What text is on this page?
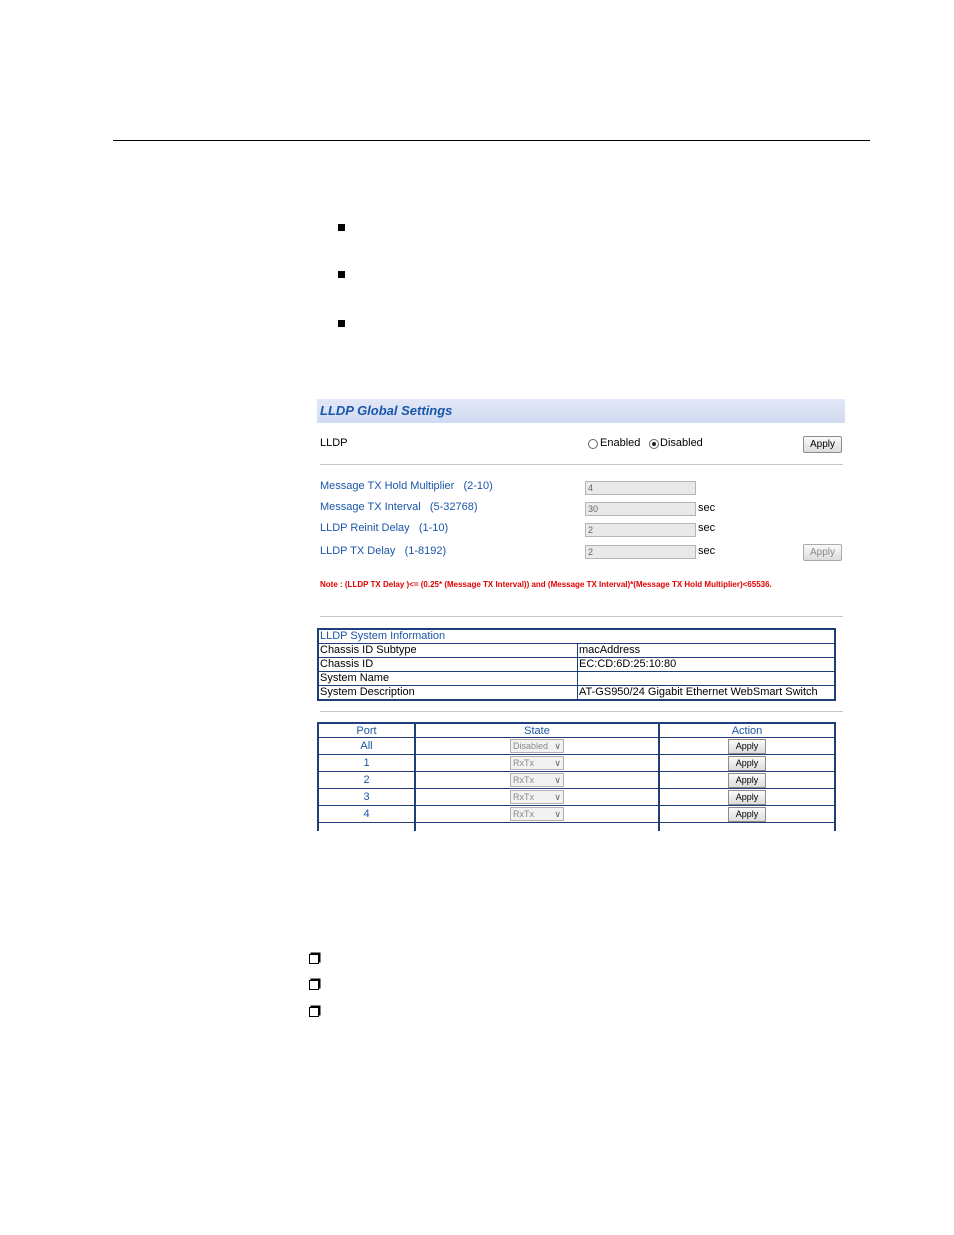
LLDP Global Settings
LLDP	Enabled Disabled	Apply
Message TX Hold Multiplier (2-10)	4
Message TX Interval (5-32768)	30	sec
LLDP Reinit Delay (1-10)	2	sec
LLDP TX Delay (1-8192)	2	sec	Apply
Note : (LLDP TX Delay )<= (0.25* (Message TX Interval)) and (Message TX Interval)*(Message TX Hold Multiplier)<65536.
LLDP System Information	
Chassis ID Subtype	macAddress
Chassis ID	EC:CD:6D:25:10:80
System Name	
System Description	AT-GS950/24 Gigabit Ethernet WebSmart Switch
Port	State	Action
All	Disabled ∨	Apply
1	RxTx ∨	Apply
2	RxTx ∨	Apply
3	RxTx ∨	Apply
4	RxTx ∨	Apply
